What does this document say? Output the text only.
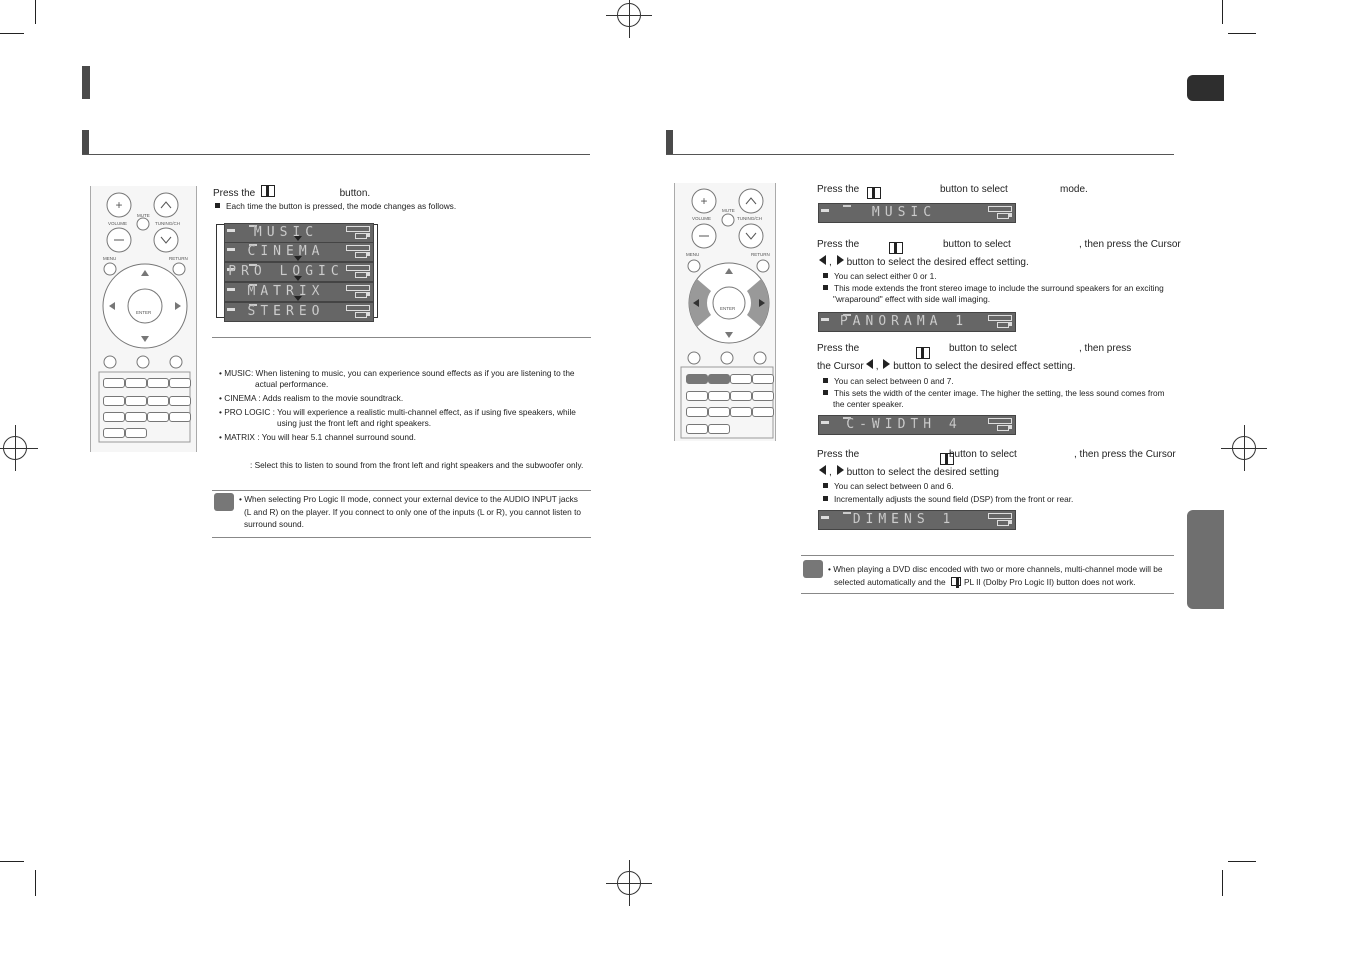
+
VOLUME
MUTE
TUNING/CH
MENU	RETURN
ENTER
Press the	button.
Each time the button is pressed, the mode changes as follows.
MUSIC
CINEMA
PRO LOGIC
MATRIX
STEREO
• MUSIC: When listening to music, you can experience sound effects as if you are listening to the
actual performance.
• CINEMA : Adds realism to the movie soundtrack.
• PRO LOGIC : You will experience a realistic multi-channel effect, as if using five speakers, while
using just the front left and right speakers.
• MATRIX : You will hear 5.1 channel surround sound.
: Select this to listen to sound from the front left and right speakers and the subwoofer only.
• When selecting Pro Logic II mode, connect your external device to the AUDIO INPUT jacks
(L and R) on the player. If you connect to only one of the inputs (L or R), you cannot listen to
surround sound.
+
VOLUME
MUTE
TUNING/CH
MENU	RETURN
ENTER
Press the
	button to select	mode.
MUSIC
Press the
	button to select	, then press the Cursor
, button to select the desired effect setting.
You can select either 0 or 1.
This mode extends the front stereo image to include the surround speakers for an exciting
"wraparound" effect with side wall imaging.
PANORAMA 1
Press the
	button to select	, then press
the Cursor , button to select the desired effect setting.
You can select between 0 and 7.
This sets the width of the center image. The higher the setting, the less sound comes from
the center speaker.
C-WIDTH 4
Press the	button to select	, then press the Cursor
, button to select the desired setting
You can select between 0 and 6.
Incrementally adjusts the sound field (DSP) from the front or rear.
DIMENS 1
• When playing a DVD disc encoded with two or more channels, multi-channel mode will be
selected automatically and the PL II (Dolby Pro Logic II) button does not work.
